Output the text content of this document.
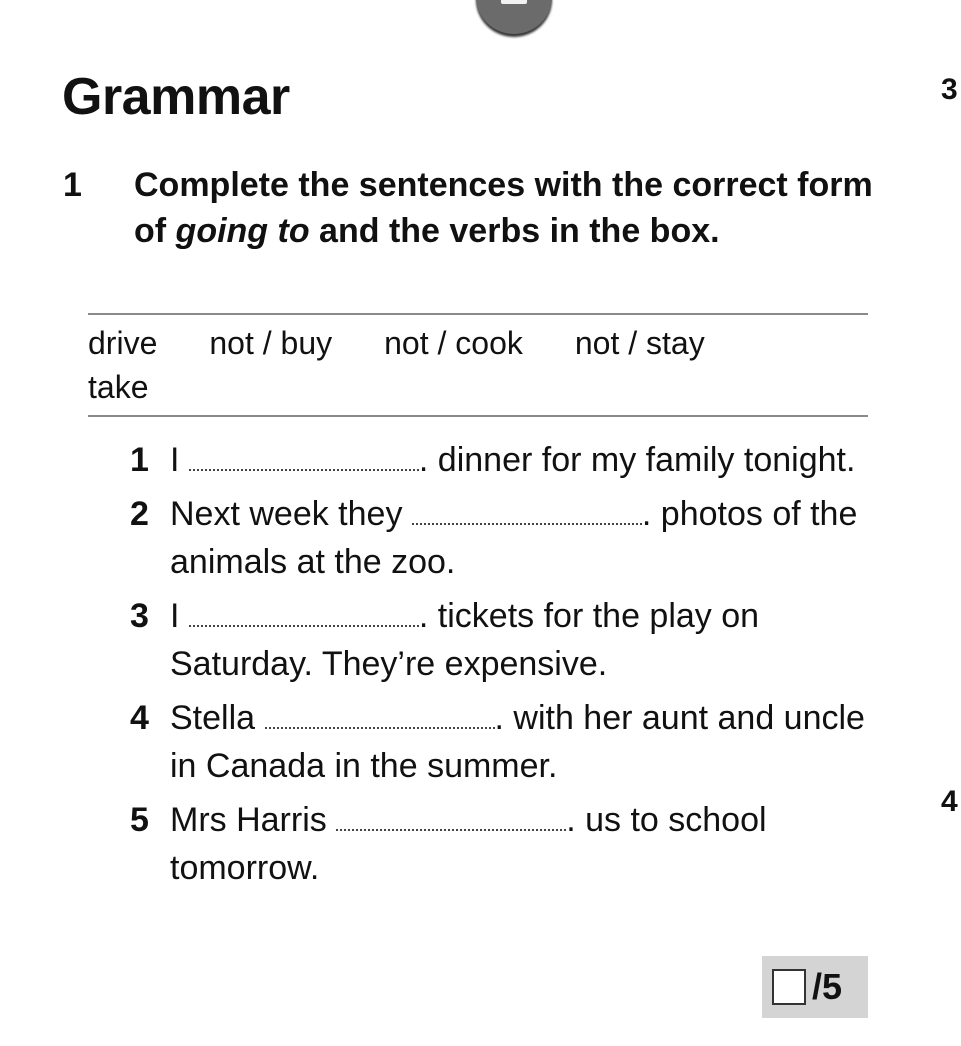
Grammar	3
4
1 Complete the sentences with the correct form of going to and the verbs in the box.
drive not / buy not / cook not / stay
take
1 I	. dinner for my family tonight.
2 Next week they	. photos of the animals at the zoo.
3 I	. tickets for the play on Saturday. They’re expensive.
4 Stella	. with her aunt and uncle in Canada in the summer.
5 Mrs Harris	. us to school tomorrow.
/5
